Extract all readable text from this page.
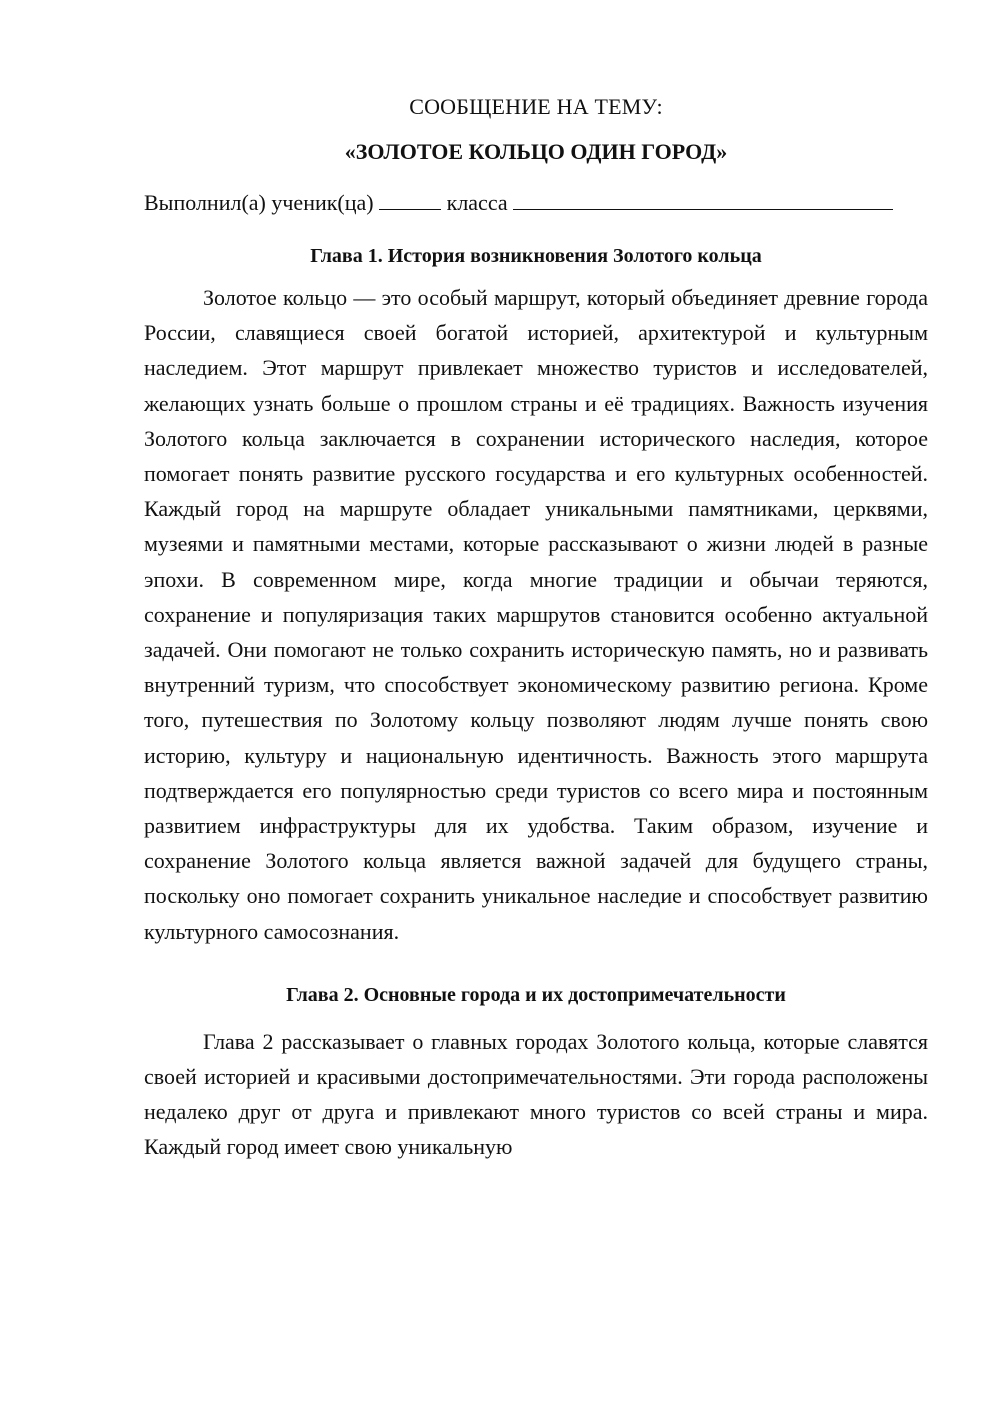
СООБЩЕНИЕ НА ТЕМУ:

«ЗОЛОТОЕ КОЛЬЦО ОДИН ГОРОД»

Выполнил(а) ученик(ца)	класса

Глава 1. История возникновения Золотого кольца

Золотое кольцо — это особый маршрут, который объединяет древние города России, славящиеся своей богатой историей, архитектурой и культурным наследием. Этот маршрут привлекает множество туристов и исследователей, желающих узнать больше о прошлом страны и её традициях. Важность изучения Золотого кольца заключается в сохранении исторического наследия, которое помогает понять развитие русского государства и его культурных особенностей. Каждый город на маршруте обладает уникальными памятниками, церквями, музеями и памятными местами, которые рассказывают о жизни людей в разные эпохи. В современном мире, когда многие традиции и обычаи теряются, сохранение и популяризация таких маршрутов становится особенно актуальной задачей. Они помогают не только сохранить историческую память, но и развивать внутренний туризм, что способствует экономическому развитию региона. Кроме того, путешествия по Золотому кольцу позволяют людям лучше понять свою историю, культуру и национальную идентичность. Важность этого маршрута подтверждается его популярностью среди туристов со всего мира и постоянным развитием инфраструктуры для их удобства. Таким образом, изучение и сохранение Золотого кольца является важной задачей для будущего страны, поскольку оно помогает сохранить уникальное наследие и способствует развитию культурного самосознания.

Глава 2. Основные города и их достопримечательности

Глава 2 рассказывает о главных городах Золотого кольца, которые славятся своей историей и красивыми достопримечательностями. Эти города расположены недалеко друг от друга и привлекают много туристов со всей страны и мира. Каждый город имеет свою уникальную
